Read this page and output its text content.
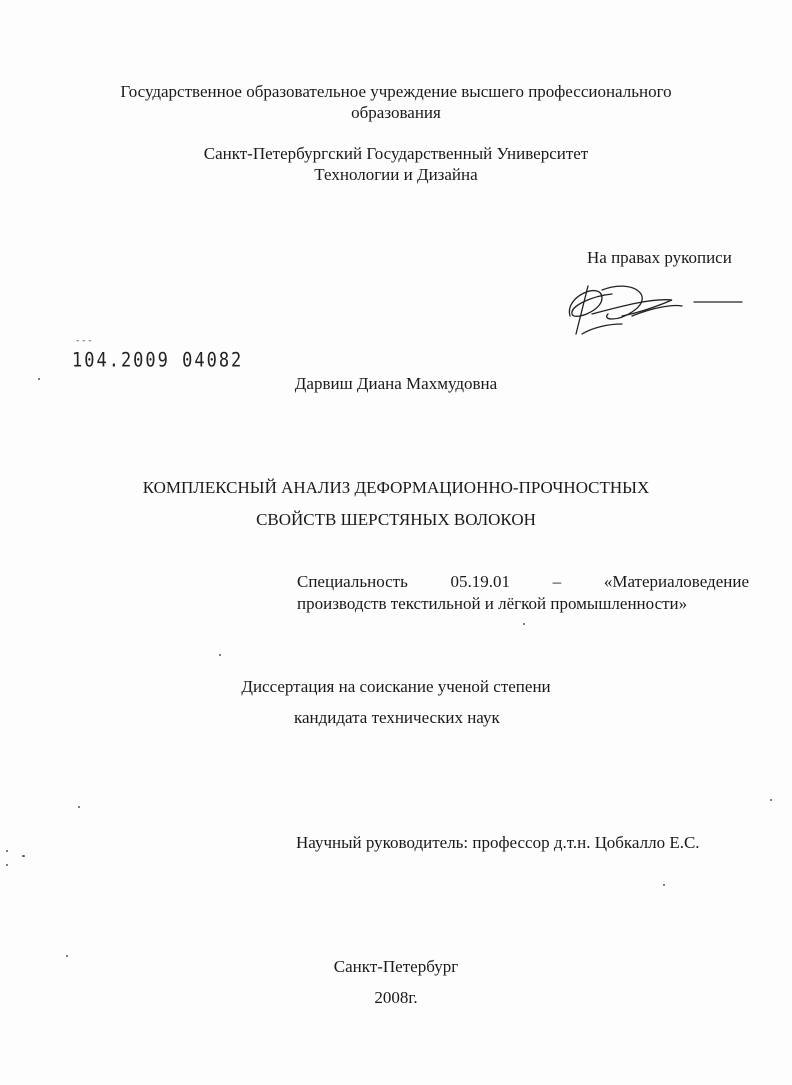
Государственное образовательное учреждение высшего профессионального
образования
Санкт-Петербургский Государственный Университет
Технологии и Дизайна
На правах рукописи
- - -
104.2009 04082
Дарвиш Диана Махмудовна
КОМПЛЕКСНЫЙ АНАЛИЗ ДЕФОРМАЦИОННО-ПРОЧНОСТНЫХ
СВОЙСТВ ШЕРСТЯНЫХ ВОЛОКОН
Специальность	05.19.01	–	«Материаловедение
производств текстильной и лёгкой промышленности»
Диссертация на соискание ученой степени
кандидата технических наук
Научный руководитель: профессор д.т.н. Цобкалло Е.С.
Санкт-Петербург
2008г.
